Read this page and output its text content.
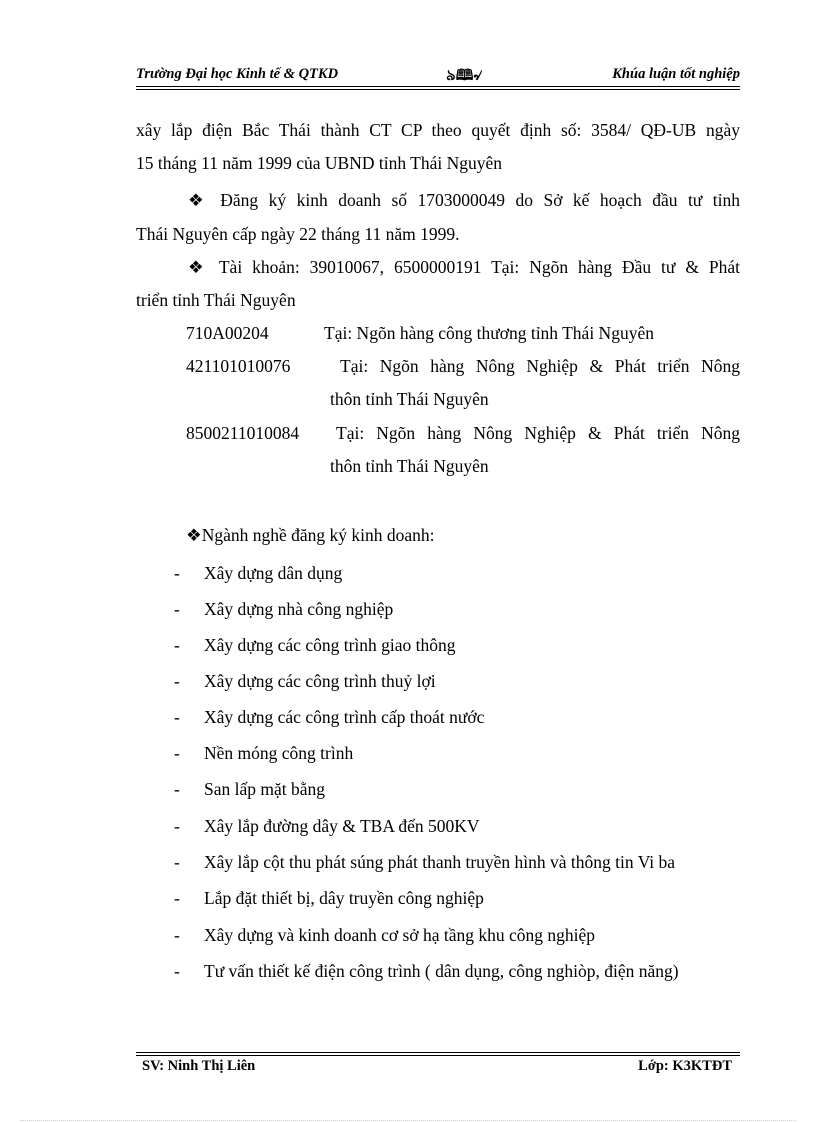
Trường Đại học Kinh tế & QTKD	৯🕮৵	Khúa luận tốt nghiệp
xây lắp điện Bắc Thái thành CT CP theo quyết định số: 3584/ QĐ-UB ngày
15 tháng 11 năm 1999 của UBND tỉnh Thái Nguyên
❖ Đăng ký kinh doanh số 1703000049 do Sở kế hoạch đầu tư tỉnh
Thái Nguyên cấp ngày 22 tháng 11 năm 1999.
❖ Tài khoản: 39010067, 6500000191 Tại: Ngõn hàng Đầu tư & Phát
triển tỉnh Thái Nguyên
710A00204	Tại: Ngõn hàng công thương tỉnh Thái Nguyên
421101010076	Tại: Ngõn hàng Nông Nghiệp & Phát triển Nông
thôn tỉnh Thái Nguyên
8500211010084 Tại: Ngõn hàng Nông Nghiệp & Phát triển Nông
thôn tỉnh Thái Nguyên
❖Ngành nghề đăng ký kinh doanh:
- Xây dựng dân dụng
- Xây dựng nhà công nghiệp
- Xây dựng các công trình giao thông
- Xây dựng các công trình thuỷ lợi
- Xây dựng các công trình cấp thoát nước
- Nền móng công trình
- San lấp mặt bằng
- Xây lắp đường dây & TBA đến 500KV
- Xây lắp cột thu phát súng phát thanh truyền hình và thông tin Vi ba
- Lắp đặt thiết bị, dây truyền công nghiệp
- Xây dựng và kinh doanh cơ sở hạ tầng khu công nghiệp
- Tư vấn thiết kế điện công trình ( dân dụng, công nghiòp, điện năng)
SV: Ninh Thị Liên	Lớp: K3KTĐT
